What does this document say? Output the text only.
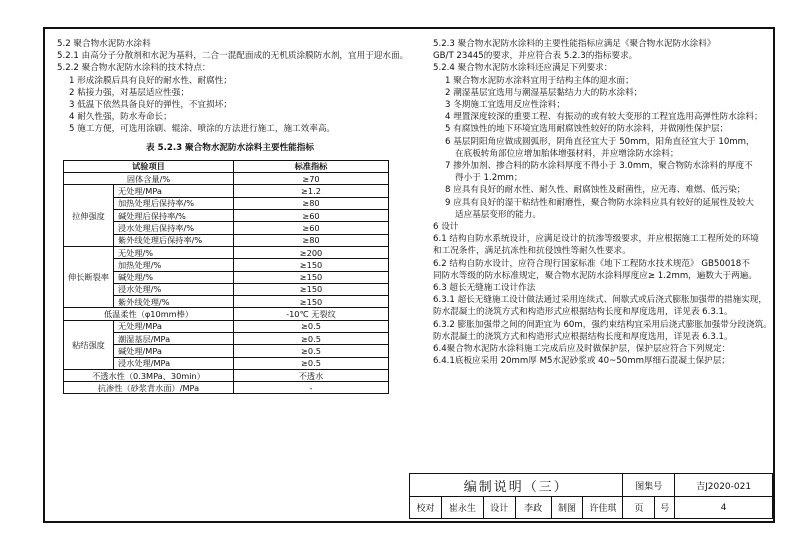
5.2 聚合物水泥防水涂料
5.2.1 由高分子分散剂和水泥为基料，二合一混配面成的无机质涂膜防水剂，宜用于迎水面。
5.2.2 聚合物水泥防水涂料的技术特点：
1 形成涂膜后具有良好的耐水性、耐腐性；
2 粘接力强，对基层适应性强；
3 低温下依然具备良好的弹性，不宜损坏；
4 耐久性强，防水寿命长；
5 施工方便，可选用涂刷、辊涂、喷涂的方法进行施工，施工效率高。
表 5.2.3 聚合物水泥防水涂料主要性能指标
试验项目		标准指标
固体含量/%		≥70
拉伸强度	无处理/MPa	≥1.2
	加热处理后保持率/%	≥80
	碱处理后保持率/%	≥60
	浸水处理后保持率/%	≥60
	紫外线处理后保持率/%	≥80
伸长断裂率	无处理/%	≥200
	加热处理/%	≥150
	碱处理/%	≥150
	浸水处理/%	≥150
	紫外线处理/%	≥150
低温柔性（φ10mm棒）		-10℃ 无裂纹
粘结强度	无处理/MPa	≥0.5
	潮湿基层/MPa	≥0.5
	碱处理/MPa	≥0.5
	浸水处理/MPa	≥0.5
不透水性（0.3MPa、30min）		不透水
抗渗性（砂浆背水面）/MPa		-
5.2.3 聚合物水泥防水涂料的主要性能指标应满足《聚合物水泥防水涂料》
GB/T 23445的要求，并应符合表 5.2.3的指标要求。
5.2.4 聚合物水泥防水涂料还应满足下列要求：
1 聚合物水泥防水涂料宜用于结构主体的迎水面；
2 潮湿基层宜选用与潮湿基层黏结力大的防水涂料；
3 冬期施工宜选用反应性涂料；
4 埋置深度较深的重要工程、有振动的或有较大变形的工程宜选用高弹性防水涂料；
5 有腐蚀性的地下环境宜选用耐腐蚀性较好的防水涂料，并做刚性保护层；
6 基层阴阳角应做成圆弧形，阴角直径宜大于 50mm，阳角直径宜大于 10mm，
在底板转角部位应增加胎体增强材料，并应增涂防水涂料；
7 掺外加剂、掺合料的防水涂料厚度不得小于 3.0mm，聚合物防水涂料的厚度不
得小于 1.2mm；
8 应具有良好的耐水性、耐久性、耐腐蚀性及耐菌性，应无毒、难燃、低污染；
9 应具有良好的湿干粘结性和耐磨性，聚合物防水涂料应具有较好的延展性及较大
适应基层变形的能力。
6 设计
6.1 结构自防水系统设计，应满足设计的抗渗等级要求，并应根据施工工程所处的环境
和工况条件，满足抗冻性和抗侵蚀性等耐久性要求。
6.2 结构自防水设计，应符合现行国家标准《地下工程防水技术规范》 GB50018不
同防水等级的防水标准规定，聚合物水泥防水涂料厚度应≥ 1.2mm，遍数大于两遍。
6.3 超长无缝施工设计作法
6.3.1 超长无缝施工设计做法通过采用连续式、间歇式或后浇式膨胀加强带的措施实现，
防水混凝土的浇筑方式和构造形式应根据结构长度和厚度选用，详见表 6.3.1。
6.3.2 膨胀加强带之间的间距宜为 60m，强约束结构宜采用后浇式膨胀加强带分段浇筑。
防水混凝土的浇筑方式和构造形式应根据结构长度和厚度选用，详见表 6.3.1。
6.4聚合物水泥防水涂料施工完成后应及时做保护层，保护层应符合下列规定：
6.4.1底板应采用 20mm厚 M5水泥砂浆或 40~50mm厚细石混凝土保护层；
编制说明（三）						图集号		吉J2020-021
校对	崔永生	设计	李政	制图	许佳琪	页	号	4
